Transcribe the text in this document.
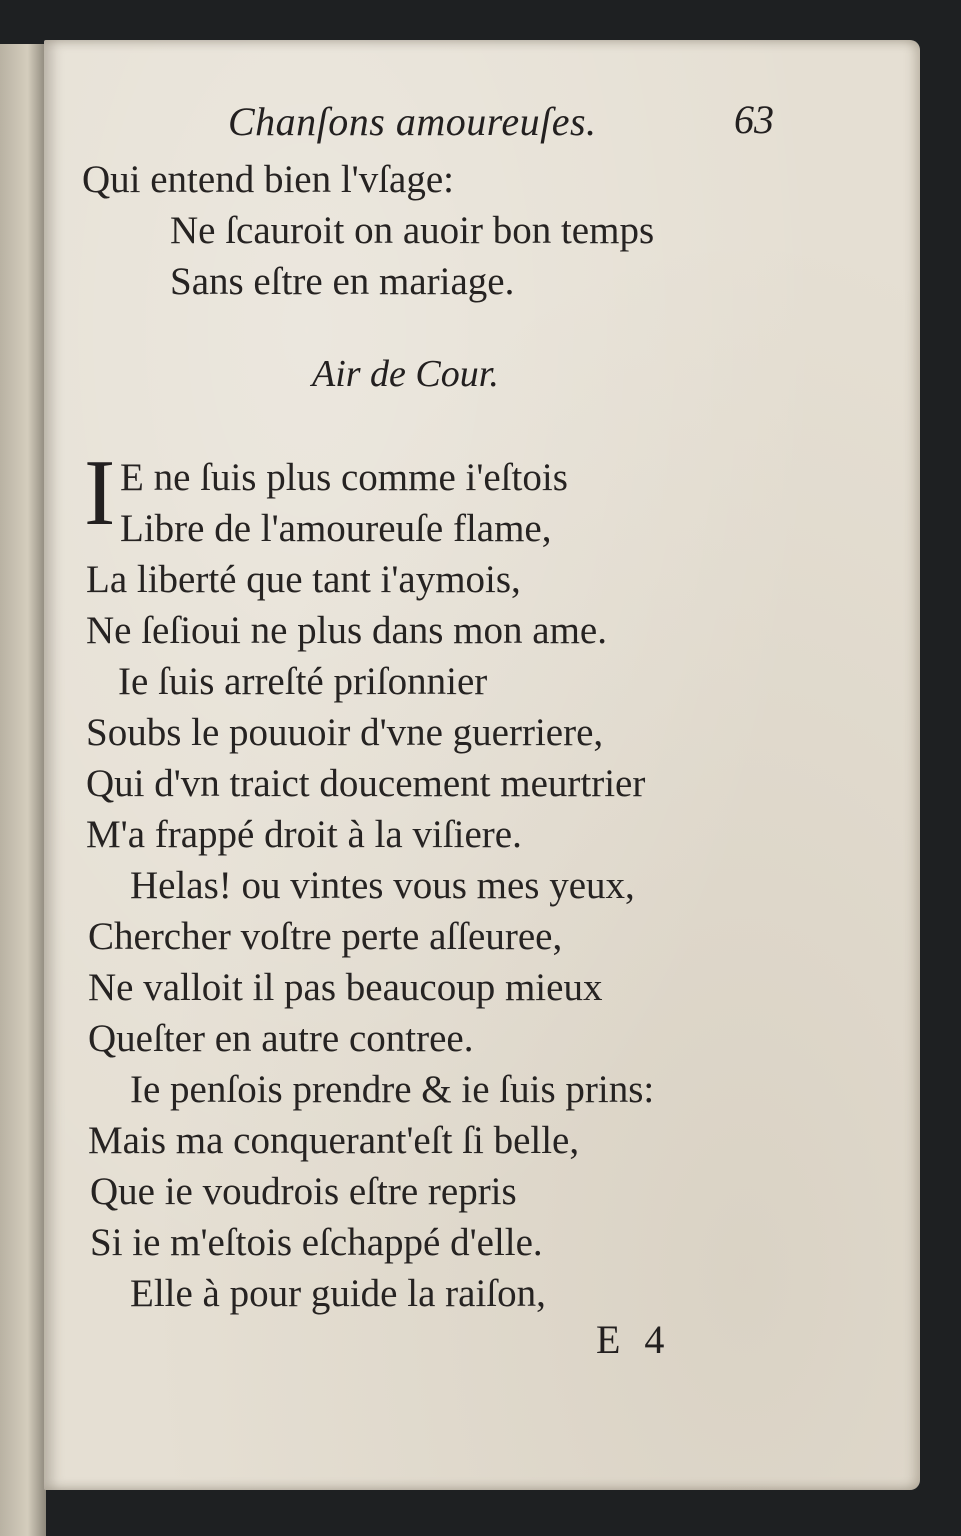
Chanſons amoureuſes.	63
Qui entend bien l'vſage:
Ne ſcauroit on auoir bon temps
Sans eſtre en mariage.
Air de Cour.
I E ne ſuis plus comme i'eſtois
Libre de l'amoureuſe flame,
La liberté que tant i'aymois,
Ne ſeſioui ne plus dans mon ame.
Ie ſuis arreſté priſonnier
Soubs le pouuoir d'vne guerriere,
Qui d'vn traict doucement meurtrier
M'a frappé droit à la viſiere.
Helas! ou vintes vous mes yeux,
Chercher voſtre perte aſſeuree,
Ne valloit il pas beaucoup mieux
Queſter en autre contree.
Ie penſois prendre & ie ſuis prins:
Mais ma conquerant'eſt ſi belle,
Que ie voudrois eſtre repris
Si ie m'eſtois eſchappé d'elle.
Elle à pour guide la raiſon,
E 4
